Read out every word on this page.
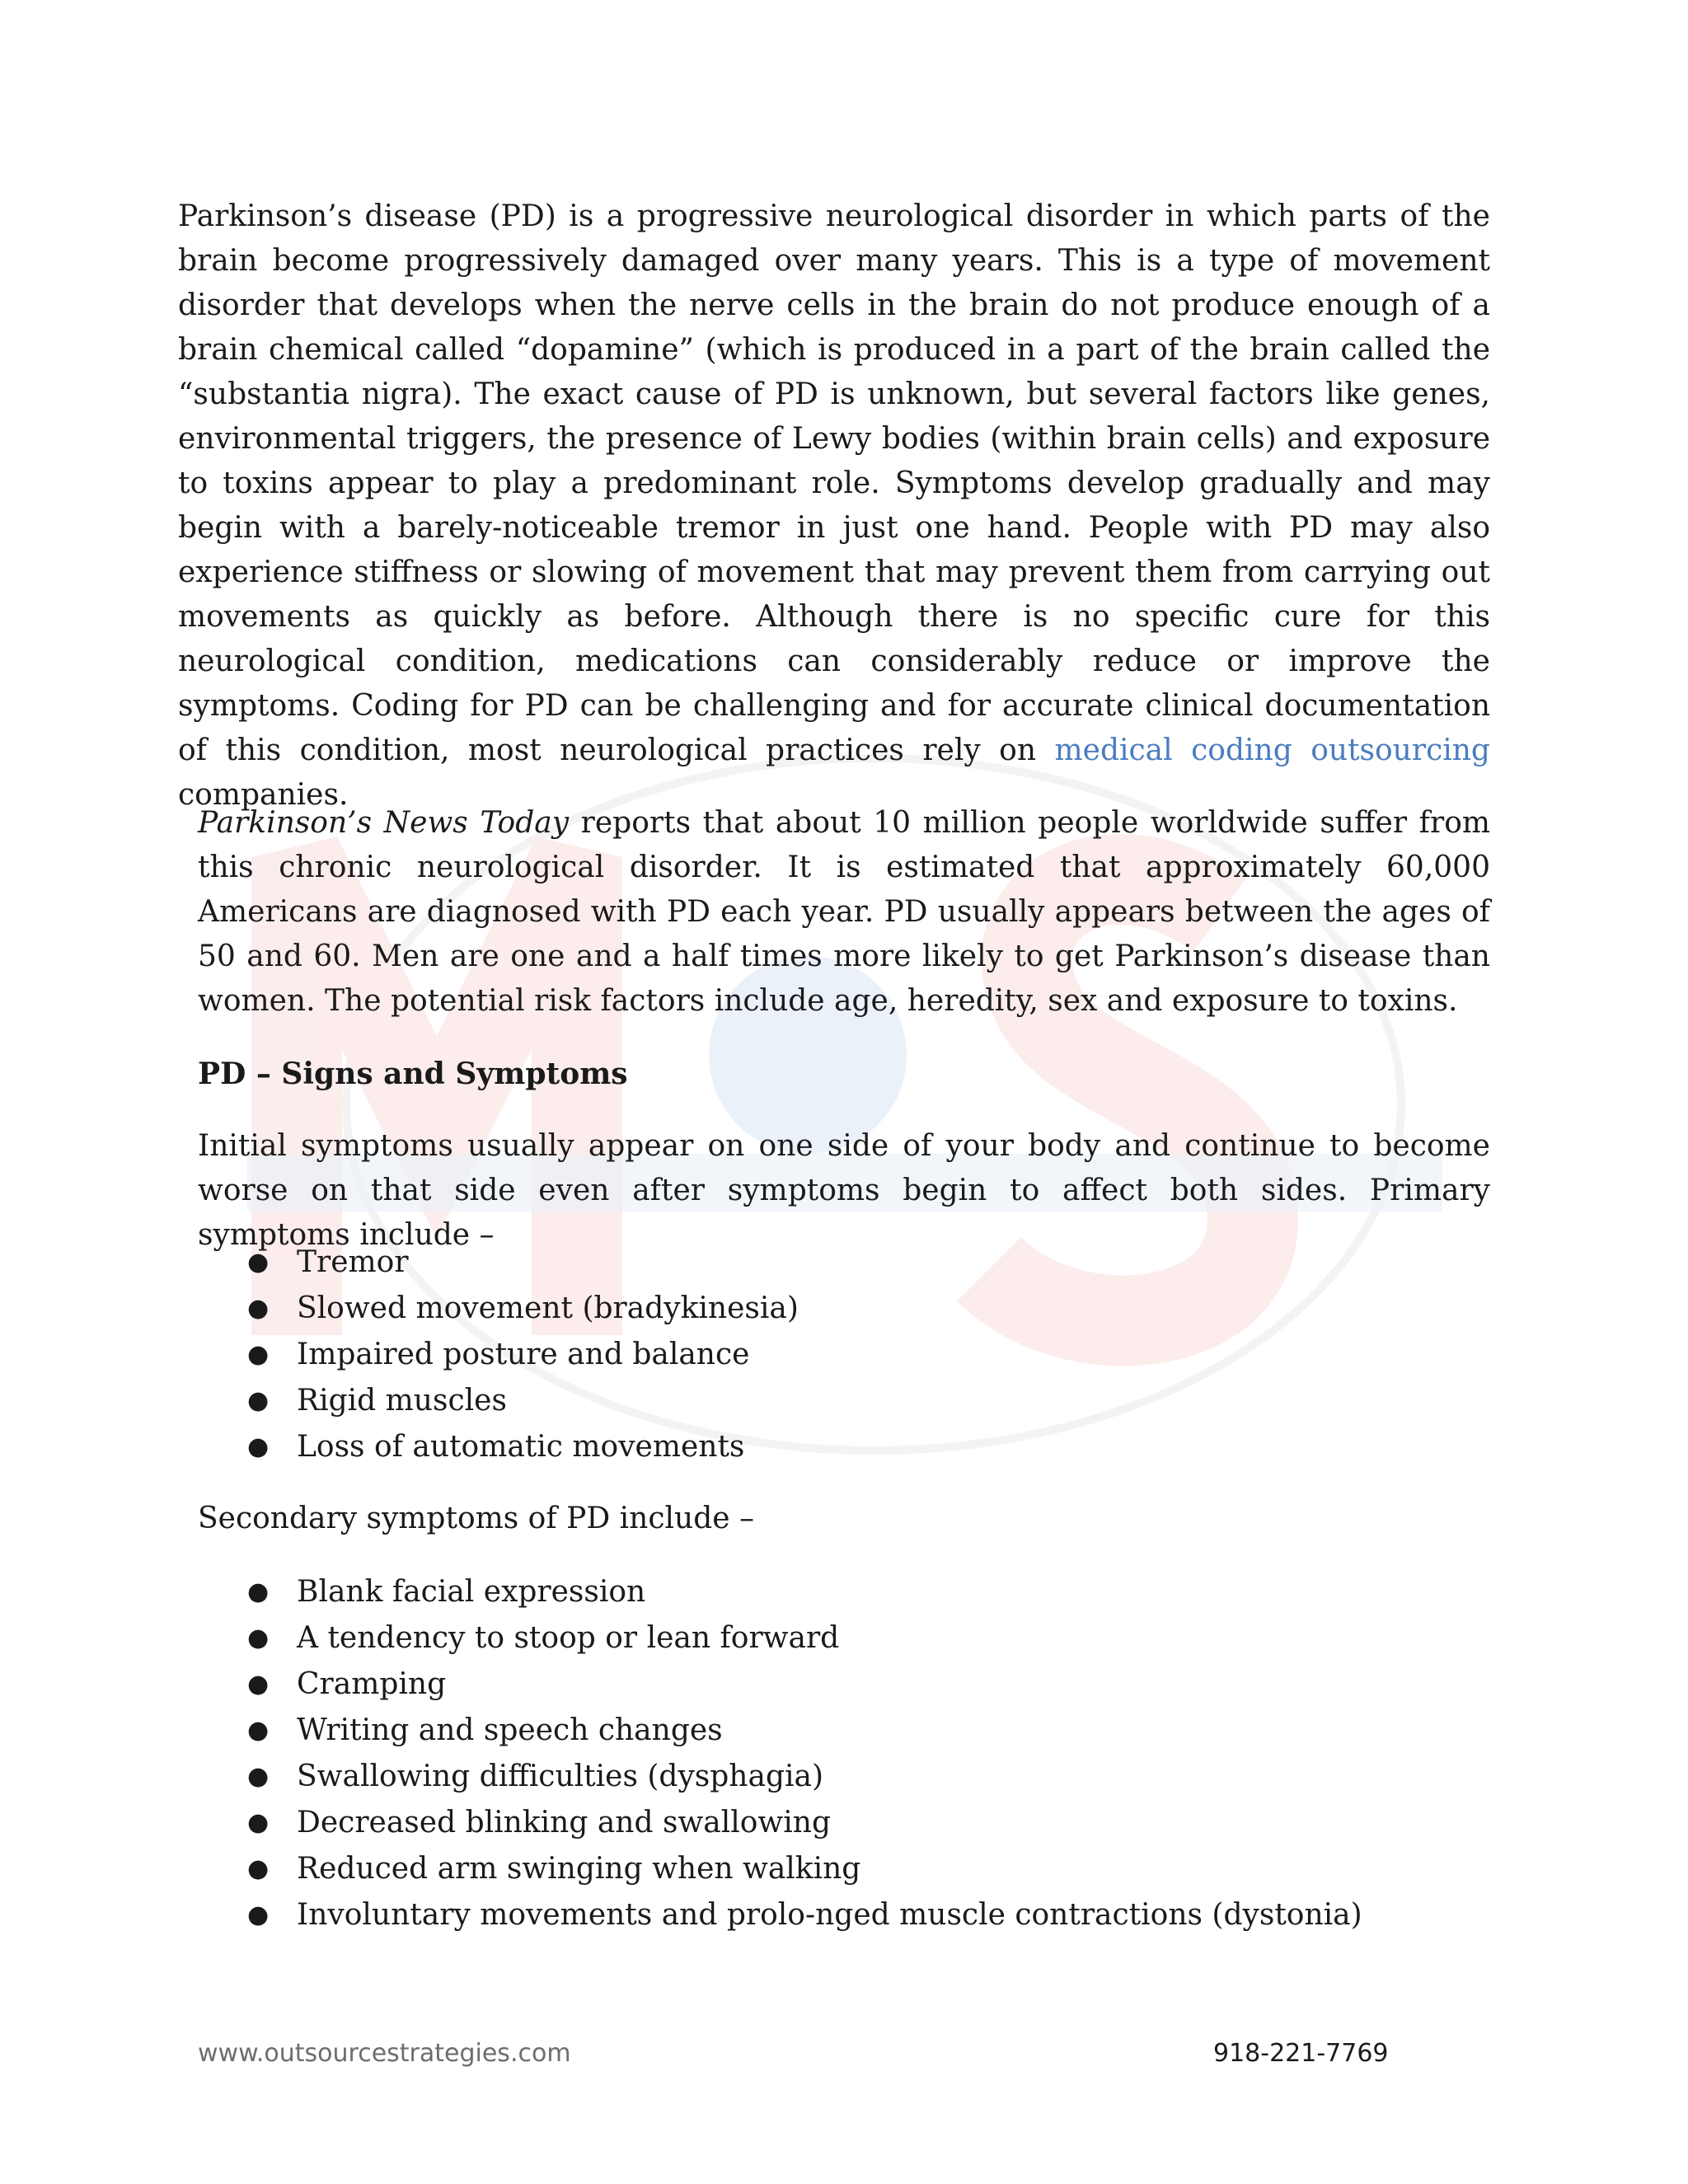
Parkinson’s disease (PD) is a progressive neurological disorder in which parts of the brain become progressively damaged over many years. This is a type of movement disorder that develops when the nerve cells in the brain do not produce enough of a brain chemical called “dopamine” (which is produced in a part of the brain called the “substantia nigra). The exact cause of PD is unknown, but several factors like genes, environmental triggers, the presence of Lewy bodies (within brain cells) and exposure to toxins appear to play a predominant role. Symptoms develop gradually and may begin with a barely-noticeable tremor in just one hand. People with PD may also experience stiffness or slowing of movement that may prevent them from carrying out movements as quickly as before. Although there is no specific cure for this neurological condition, medications can considerably reduce or improve the symptoms. Coding for PD can be challenging and for accurate clinical documentation of this condition, most neurological practices rely on medical coding outsourcing companies.

Parkinson’s News Today reports that about 10 million people worldwide suffer from this chronic neurological disorder. It is estimated that approximately 60,000 Americans are diagnosed with PD each year. PD usually appears between the ages of 50 and 60. Men are one and a half times more likely to get Parkinson’s disease than women. The potential risk factors include age, heredity, sex and exposure to toxins.

PD – Signs and Symptoms

Initial symptoms usually appear on one side of your body and continue to become worse on that side even after symptoms begin to affect both sides. Primary symptoms include –

● Tremor
● Slowed movement (bradykinesia)
● Impaired posture and balance
● Rigid muscles
● Loss of automatic movements

Secondary symptoms of PD include –

● Blank facial expression
● A tendency to stoop or lean forward
● Cramping
● Writing and speech changes
● Swallowing difficulties (dysphagia)
● Decreased blinking and swallowing
● Reduced arm swinging when walking
● Involuntary movements and prolo-nged muscle contractions (dystonia)
www.outsourcestrategies.com	918-221-7769
